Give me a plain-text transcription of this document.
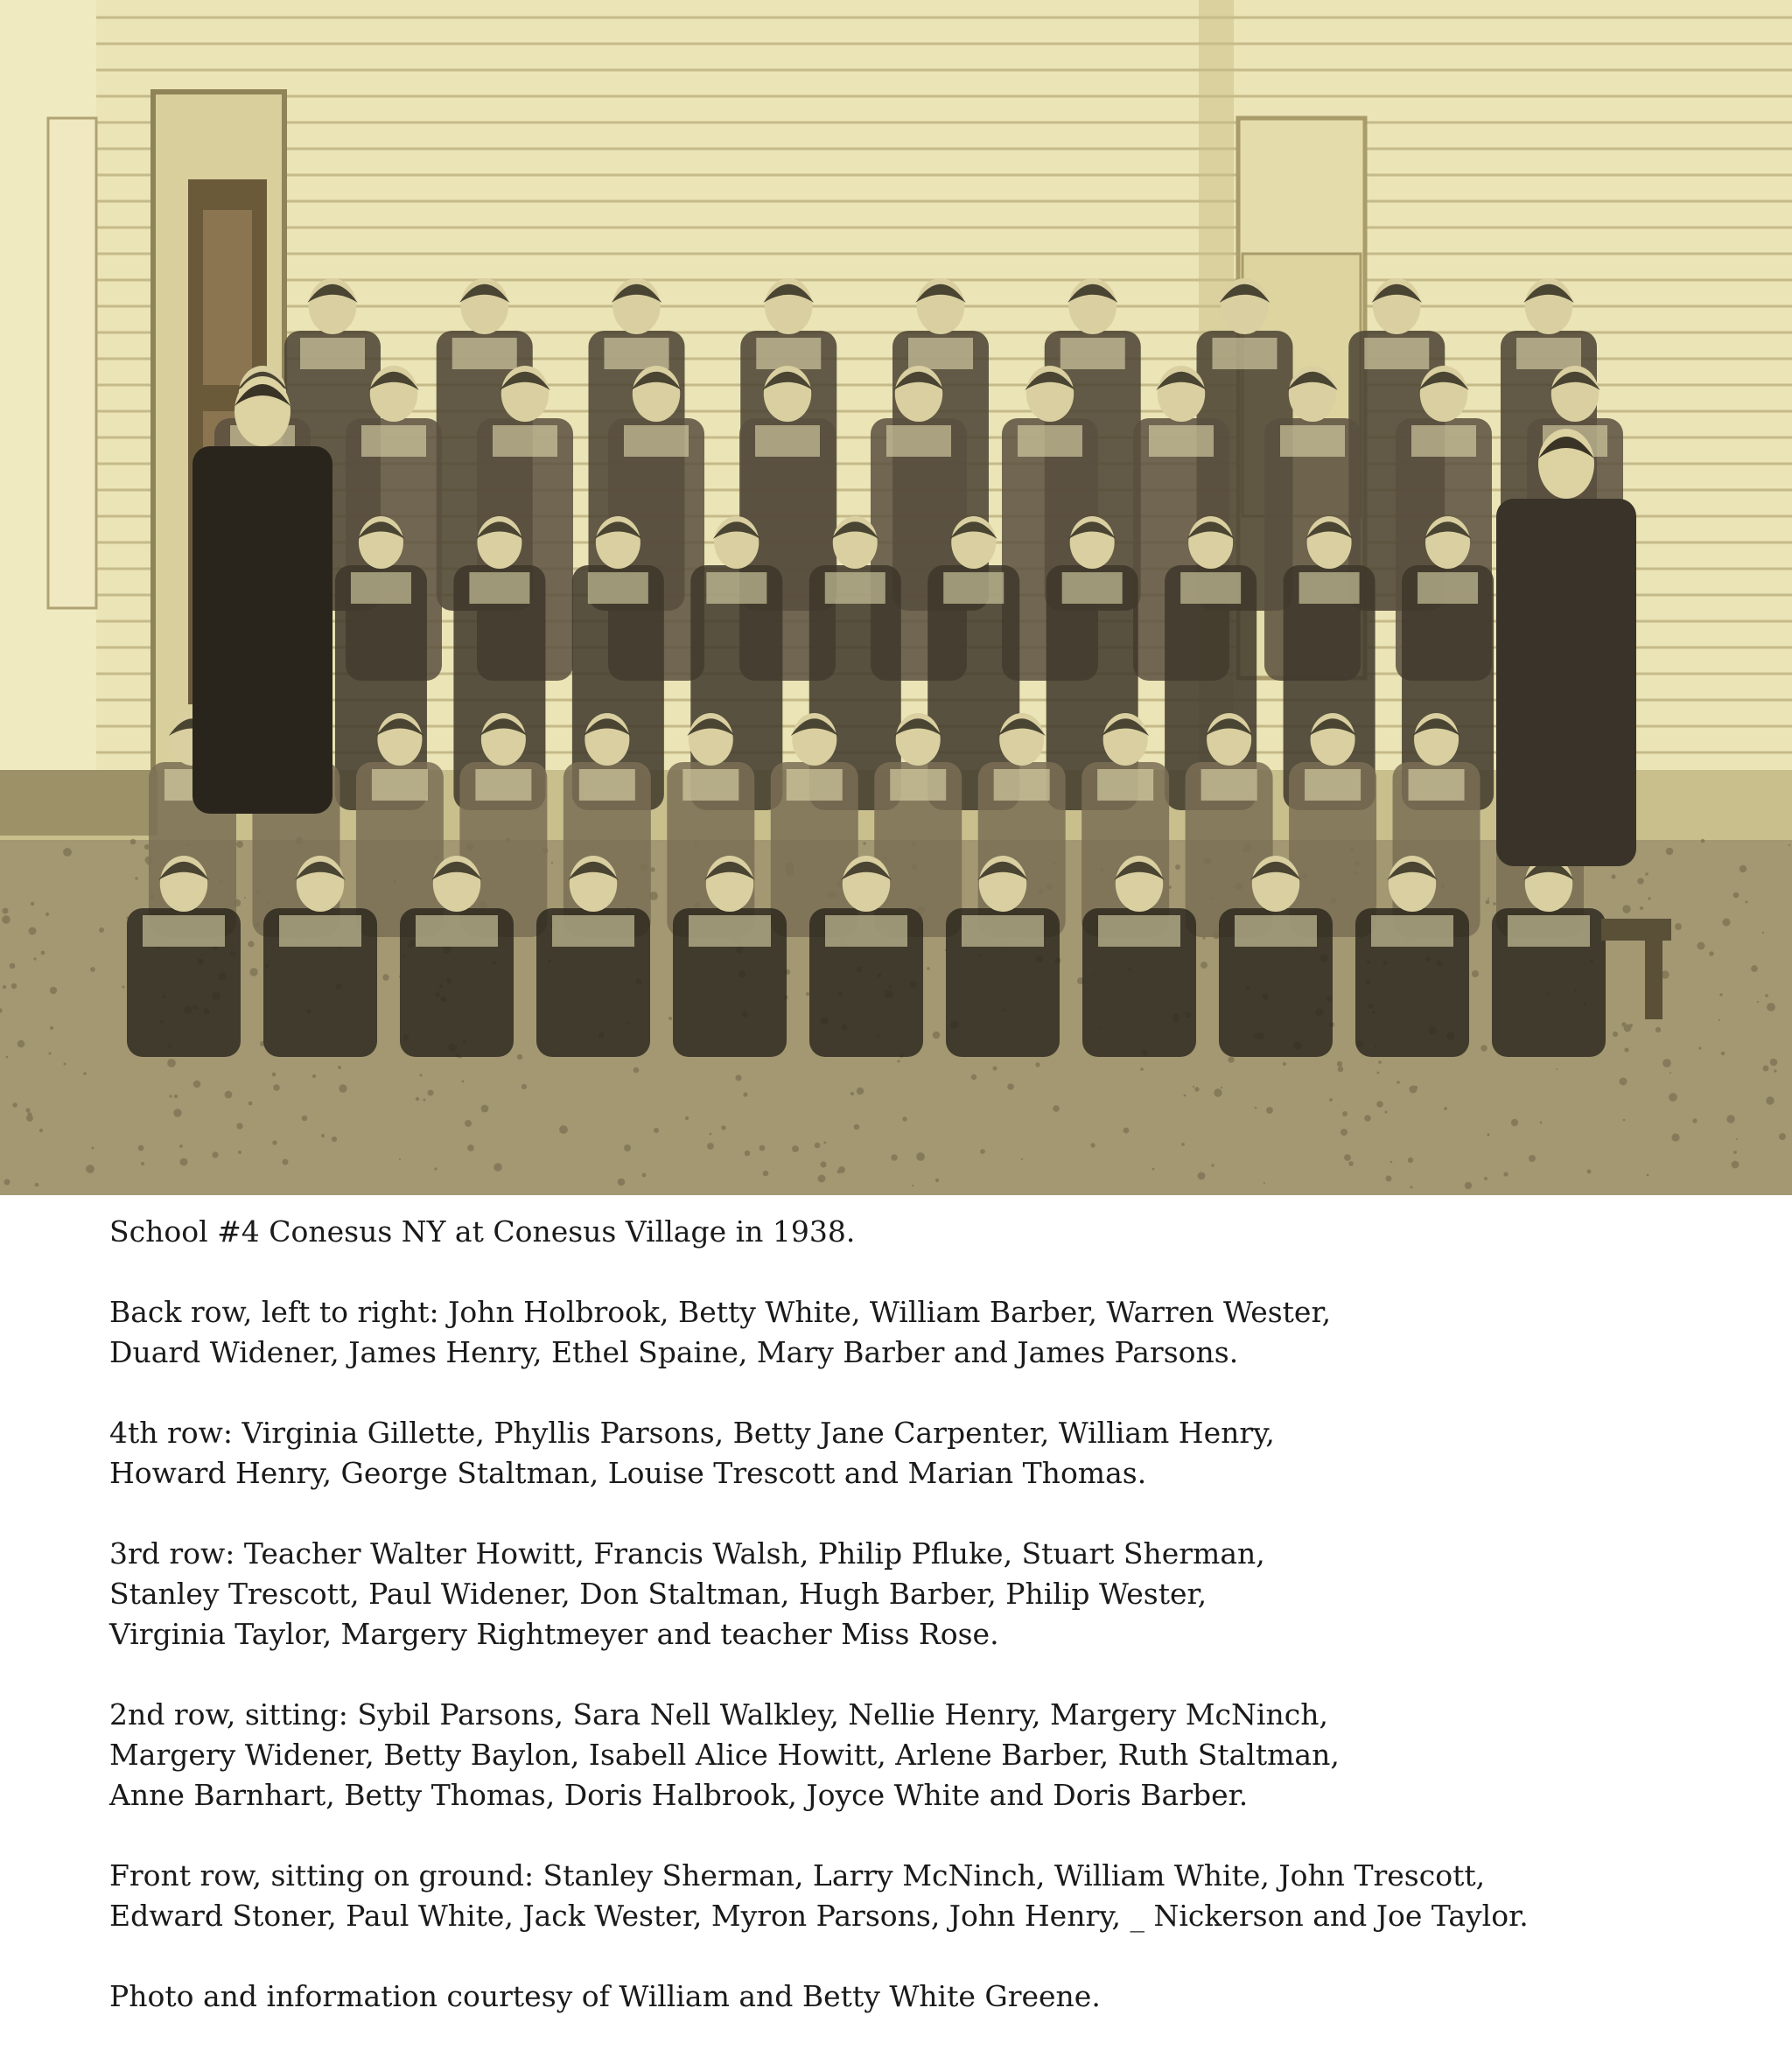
School #4 Conesus NY at Conesus Village in 1938.

Back row, left to right: John Holbrook, Betty White, William Barber, Warren Wester,
Duard Widener, James Henry, Ethel Spaine, Mary Barber and James Parsons.

4th row: Virginia Gillette, Phyllis Parsons, Betty Jane Carpenter, William Henry,
Howard Henry, George Staltman, Louise Trescott and Marian Thomas.

3rd row: Teacher Walter Howitt, Francis Walsh, Philip Pfluke, Stuart Sherman,
Stanley Trescott, Paul Widener, Don Staltman, Hugh Barber, Philip Wester,
Virginia Taylor, Margery Rightmeyer and teacher Miss Rose.

2nd row, sitting: Sybil Parsons, Sara Nell Walkley, Nellie Henry, Margery McNinch,
Margery Widener, Betty Baylon, Isabell Alice Howitt, Arlene Barber, Ruth Staltman,
Anne Barnhart, Betty Thomas, Doris Halbrook, Joyce White and Doris Barber.

Front row, sitting on ground: Stanley Sherman, Larry McNinch, William White, John Trescott,
Edward Stoner, Paul White, Jack Wester, Myron Parsons, John Henry, _ Nickerson and Joe Taylor.

Photo and information courtesy of William and Betty White Greene.
